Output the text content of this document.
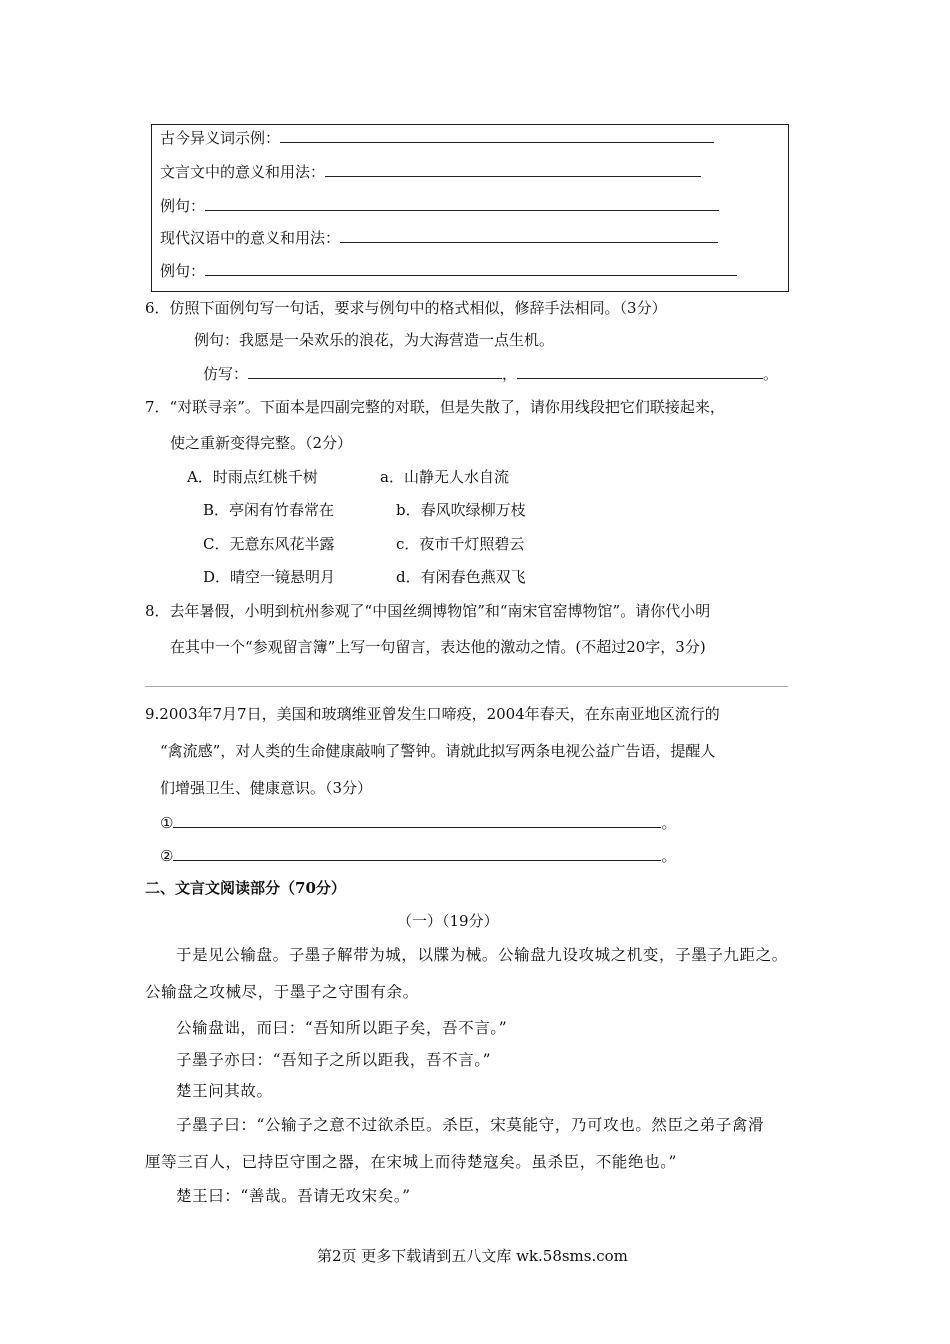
古今异义词示例：
文言文中的意义和用法：
例句：
现代汉语中的意义和用法：
例句：
6．仿照下面例句写一句话，要求与例句中的格式相似，修辞手法相同。（3分）
例句：我愿是一朵欢乐的浪花，为大海营造一点生机。
仿写：	，	。
7．“对联寻亲”。下面本是四副完整的对联，但是失散了，请你用线段把它们联接起来，
使之重新变得完整。（2分）
A．时雨点红桃千树	a．山静无人水自流
B．亭闲有竹春常在	b．春风吹绿柳万枝
C．无意东风花半露	c．夜市千灯照碧云
D．晴空一镜悬明月	d．有闲春色燕双飞
8．去年暑假，小明到杭州参观了“中国丝绸博物馆”和“南宋官窑博物馆”。请你代小明
在其中一个“参观留言簿”上写一句留言，表达他的激动之情。(不超过20字，3分)
9.2003年7月7日，美国和玻璃维亚曾发生口啼疫，2004年春天，在东南亚地区流行的
“禽流感”，对人类的生命健康敲响了警钟。请就此拟写两条电视公益广告语，提醒人
们增强卫生、健康意识。（3分）
①	。
②	。
二、文言文阅读部分（70分）
（一）（19分）
于是见公输盘。子墨子解带为城，以牒为械。公输盘九设攻城之机变，子墨子九距之。
公输盘之攻械尽，于墨子之守围有余。
公输盘诎，而曰：“吾知所以距子矣，吾不言。”
子墨子亦曰：“吾知子之所以距我，吾不言。”
楚王问其故。
子墨子曰：“公输子之意不过欲杀臣。杀臣，宋莫能守，乃可攻也。然臣之弟子禽滑
厘等三百人，已持臣守围之器，在宋城上而待楚寇矣。虽杀臣，不能绝也。”
楚王曰：“善哉。吾请无攻宋矣。”
第2页 更多下载请到五八文库 wk.58sms.com
